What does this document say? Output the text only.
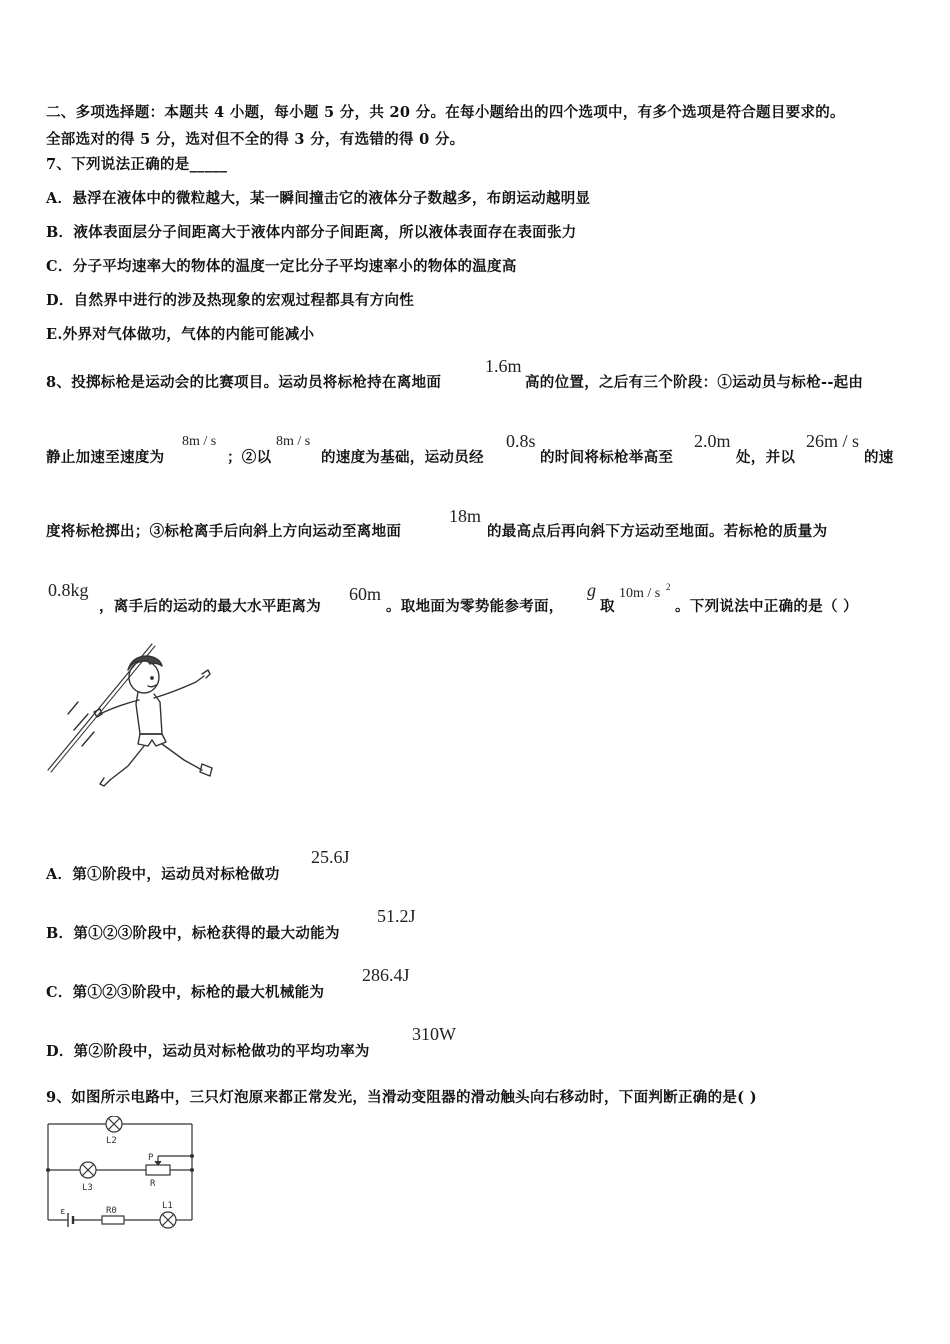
二、多项选择题：本题共 4 小题，每小题 5 分，共 20 分。在每小题给出的四个选项中，有多个选项是符合题目要求的。
全部选对的得 5 分，选对但不全的得 3 分，有选错的得 0 分。
7、下列说法正确的是_____
A．悬浮在液体中的微粒越大，某一瞬间撞击它的液体分子数越多，布朗运动越明显
B．液体表面层分子间距离大于液体内部分子间距离，所以液体表面存在表面张力
C．分子平均速率大的物体的温度一定比分子平均速率小的物体的温度高
D．自然界中进行的涉及热现象的宏观过程都具有方向性
E.外界对气体做功，气体的内能可能减小
8、投掷标枪是运动会的比赛项目。运动员将标枪持在离地面
1.6m
高的位置，之后有三个阶段：①运动员与标枪--起由
静止加速至速度为
8m / s
；②以
8m / s
的速度为基础，运动员经
0.8s
的时间将标枪举高至
2.0m
处，并以
26m / s
的速
度将标枪掷出；③标枪离手后向斜上方向运动至离地面
18m
的最高点后再向斜下方运动至地面。若标枪的质量为
0.8kg
，离手后的运动的最大水平距离为
60m
。取地面为零势能参考面，
g
取
10m / s 2
。下列说法中正确的是（ ）
A．第①阶段中，运动员对标枪做功
25.6J
B．第①②③阶段中，标枪获得的最大动能为
51.2J
C．第①②③阶段中，标枪的最大机械能为
286.4J
D．第②阶段中，运动员对标枪做功的平均功率为
310W
9、如图所示电路中，三只灯泡原来都正常发光，当滑动变阻器的滑动触头向右移动时，下面判断正确的是( )
L2
L3
P
R
ε	R0	L1
